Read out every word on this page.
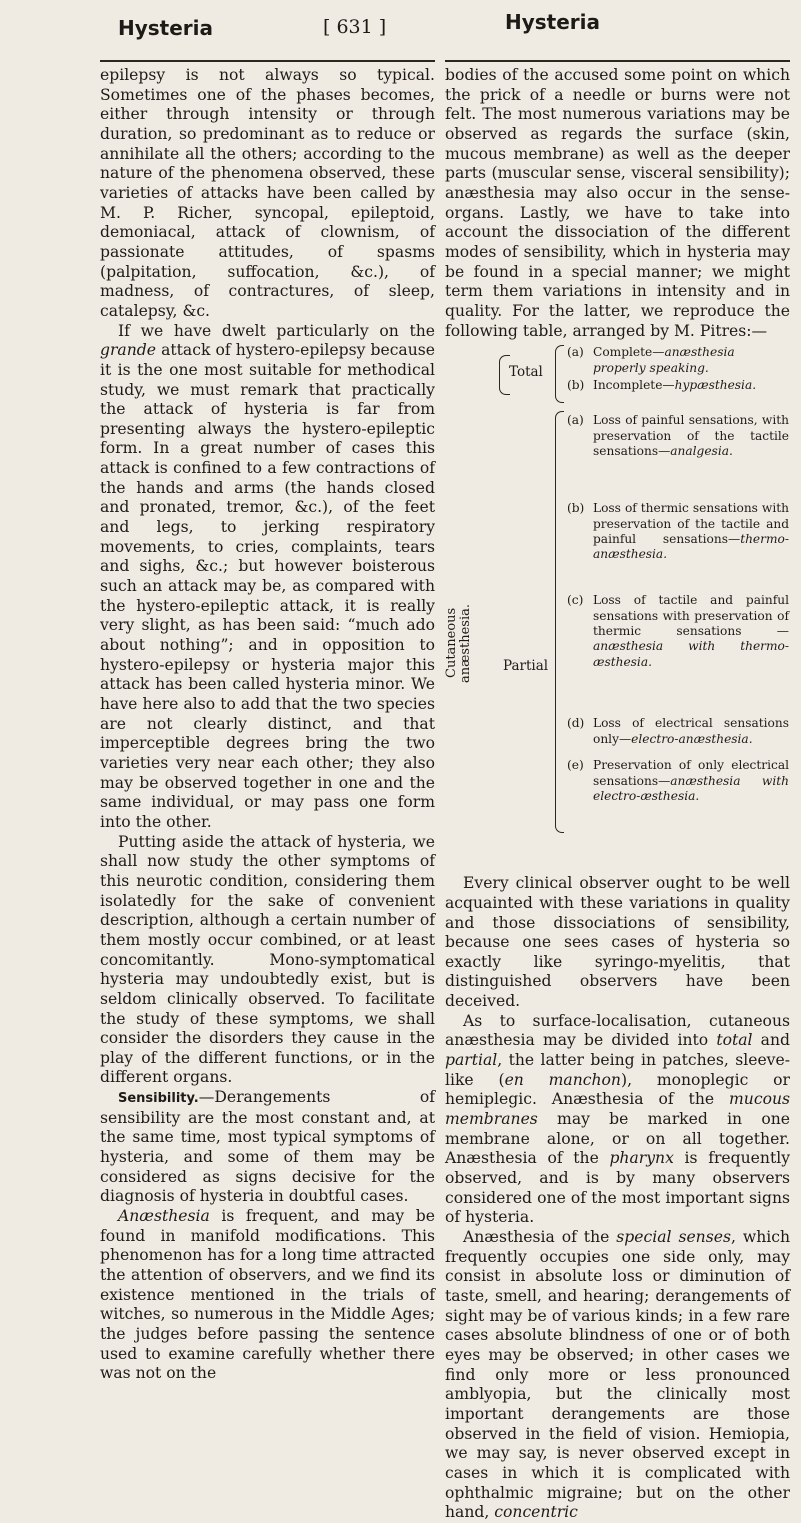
Hysteria	[ 631 ]	Hysteria

epilepsy is not always so typical. Sometimes one of the phases becomes, either through intensity or through duration, so predominant as to reduce or annihilate all the others; according to the nature of the phenomena observed, these varieties of attacks have been called by M. P. Richer, syncopal, epileptoid, demoniacal, attack of clownism, of passionate attitudes, of spasms (palpitation, suffocation, &c.), of madness, of contractures, of sleep, catalepsy, &c.

If we have dwelt particularly on the grande attack of hystero-epilepsy because it is the one most suitable for methodical study, we must remark that practically the attack of hysteria is far from presenting always the hystero-epileptic form. In a great number of cases this attack is confined to a few contractions of the hands and arms (the hands closed and pronated, tremor, &c.), of the feet and legs, to jerking respiratory movements, to cries, complaints, tears and sighs, &c.; but however boisterous such an attack may be, as compared with the hystero-epileptic attack, it is really very slight, as has been said: “much ado about nothing”; and in opposition to hystero-epilepsy or hysteria major this attack has been called hysteria minor. We have here also to add that the two species are not clearly distinct, and that imperceptible degrees bring the two varieties very near each other; they also may be observed together in one and the same individual, or may pass one form into the other.

Putting aside the attack of hysteria, we shall now study the other symptoms of this neurotic condition, considering them isolatedly for the sake of convenient description, although a certain number of them mostly occur combined, or at least concomitantly. Mono-symptomatical hysteria may undoubtedly exist, but is seldom clinically observed. To facilitate the study of these symptoms, we shall consider the disorders they cause in the play of the different functions, or in the different organs.

Sensibility.—Derangements of sensibility are the most constant and, at the same time, most typical symptoms of hysteria, and some of them may be considered as signs decisive for the diagnosis of hysteria in doubtful cases.

Anæsthesia is frequent, and may be found in manifold modifications. This phenomenon has for a long time attracted the attention of observers, and we find its existence mentioned in the trials of witches, so numerous in the Middle Ages; the judges before passing the sentence used to examine carefully whether there was not on the

bodies of the accused some point on which the prick of a needle or burns were not felt. The most numerous variations may be observed as regards the surface (skin, mucous membrane) as well as the deeper parts (muscular sense, visceral sensibility); anæsthesia may also occur in the sense-organs. Lastly, we have to take into account the dissociation of the different modes of sensibility, which in hysteria may be found in a special manner; we might term them variations in intensity and in quality. For the latter, we reproduce the following table, arranged by M. Pitres:—

Cutaneous anæsthesia.
Total
(a) Complete—anæsthesia properly speaking.

(b) Incomplete—hypæsthesia.

Partial
(a) Loss of painful sensations, with preservation of the tactile sensations—analgesia.

(b) Loss of thermic sensations with preservation of the tactile and painful sensations—thermo-anæsthesia.

(c) Loss of tactile and painful sensations with preservation of thermic sensations —anæsthesia with thermo-æsthesia.

(d) Loss of electrical sensations only—electro-anæsthesia.

(e) Preservation of only electrical sensations—anæsthesia with electro-æsthesia.

Every clinical observer ought to be well acquainted with these variations in quality and those dissociations of sensibility, because one sees cases of hysteria so exactly like syringo-myelitis, that distinguished observers have been deceived.

As to surface-localisation, cutaneous anæsthesia may be divided into total and partial, the latter being in patches, sleeve-like (en manchon), monoplegic or hemiplegic. Anæsthesia of the mucous membranes may be marked in one membrane alone, or on all together. Anæsthesia of the pharynx is frequently observed, and is by many observers considered one of the most important signs of hysteria.

Anæsthesia of the special senses, which frequently occupies one side only, may consist in absolute loss or diminution of taste, smell, and hearing; derangements of sight may be of various kinds; in a few rare cases absolute blindness of one or of both eyes may be observed; in other cases we find only more or less pronounced amblyopia, but the clinically most important derangements are those observed in the field of vision. Hemiopia, we may say, is never observed except in cases in which it is complicated with ophthalmic migraine; but on the other hand, concentric
